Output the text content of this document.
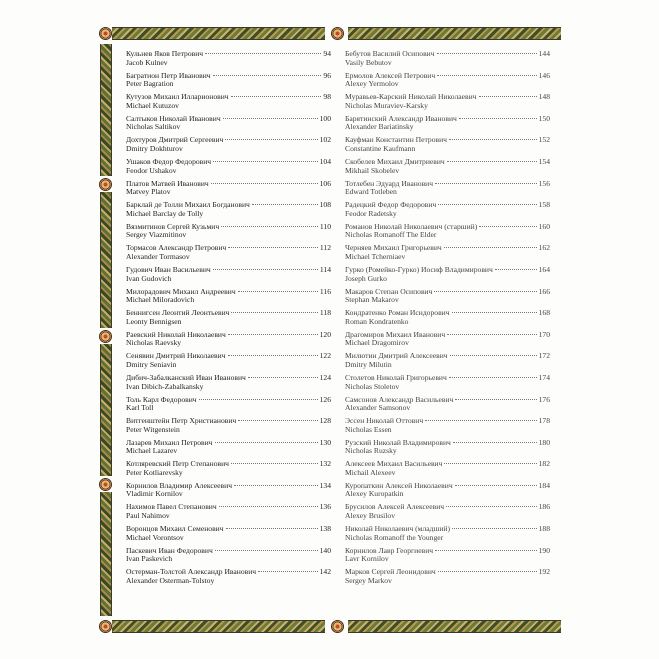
Кульнев Яков Петрович	94
Jacob Kulnev
Багратион Петр Иванович	96
Peter Bagration
Кутузов Михаил Илларионович	98
Michael Kutuzov
Салтыков Николай Иванович	100
Nicholas Saltikov
Дохтуров Дмитрий Сергеевич	102
Dmitry Dokhturov
Ушаков Федор Федорович	104
Feodor Ushakov
Платов Матвей Иванович	106
Matvey Platov
Барклай де Толли Михаил Богданович	108
Michael Barclay de Tolly
Вязмитинов Сергей Кузьмич	110
Sergey Viazmitinov
Тормасов Александр Петрович	112
Alexander Tormasov
Гудович Иван Васильевич	114
Ivan Gudovich
Милорадович Михаил Андреевич	116
Michael Miloradovich
Беннигсен Леонтий Леонтьевич	118
Leonty Bennigsen
Раевский Николай Николаевич	120
Nicholas Raevsky
Сенявин Дмитрий Николаевич	122
Dmitry Seniavin
Дибич-Забалканский Иван Иванович	124
Ivan Dibich-Zabalkansky
Толь Карл Федорович	126
Karl Toll
Витгенштейн Петр Христианович	128
Peter Witgenstein
Лазарев Михаил Петрович	130
Michael Lazarev
Котляревский Петр Степанович	132
Peter Kotliarevsky
Корнилов Владимир Алексеевич	134
Vladimir Kornilov
Нахимов Павел Степанович	136
Paul Nahimov
Воронцов Михаил Семенович	138
Michael Vorontsov
Паскевич Иван Федорович	140
Ivan Paskevich
Остерман-Толстой Александр Иванович	142
Alexander Osterman-Tolstoy
Бебутов Василий Осипович	144
Vasily Bebutov
Ермолов Алексей Петрович	146
Alexey Yermolov
Муравьев-Карский Николай Николаевич	148
Nicholas Muraviev-Karsky
Барятинский Александр Иванович	150
Alexander Bariatinsky
Кауфман Константин Петрович	152
Constantine Kaufmann
Скобелев Михаил Дмитриевич	154
Mikhail Skobelev
Тотлебен Эдуард Иванович	156
Edward Totleben
Радецкий Федор Федорович	158
Feodor Radetsky
Романов Николай Николаевич (старший)	160
Nicholas Romanoff The Elder
Черняев Михаил Григорьевич	162
Michael Tcherniaev
Гурко (Ромейко-Гурко) Иосиф Владимирович	164
Joseph Gurko
Макаров Степан Осипович	166
Stephan Makarov
Кондратенко Роман Исидорович	168
Roman Kondratenko
Драгомиров Михаил Иванович	170
Michael Dragomirov
Милютин Дмитрий Алексеевич	172
Dmitry Milutin
Столетов Николай Григорьевич	174
Nicholas Stoletov
Самсонов Александр Васильевич	176
Alexander Samsonov
Эссен Николай Оттович	178
Nicholas Essen
Рузский Николай Владимирович	180
Nicholas Ruzsky
Алексеев Михаил Васильевич	182
Michail Alexeev
Куропаткин Алексей Николаевич	184
Alexey Kuropatkin
Брусилов Алексей Алексеевич	186
Alexey Brusilov
Николай Николаевич (младший)	188
Nicholas Romanoff the Younger
Корнилов Лавр Георгиевич	190
Lavr Kornilov
Марков Сергей Леонидович	192
Sergey Markov
